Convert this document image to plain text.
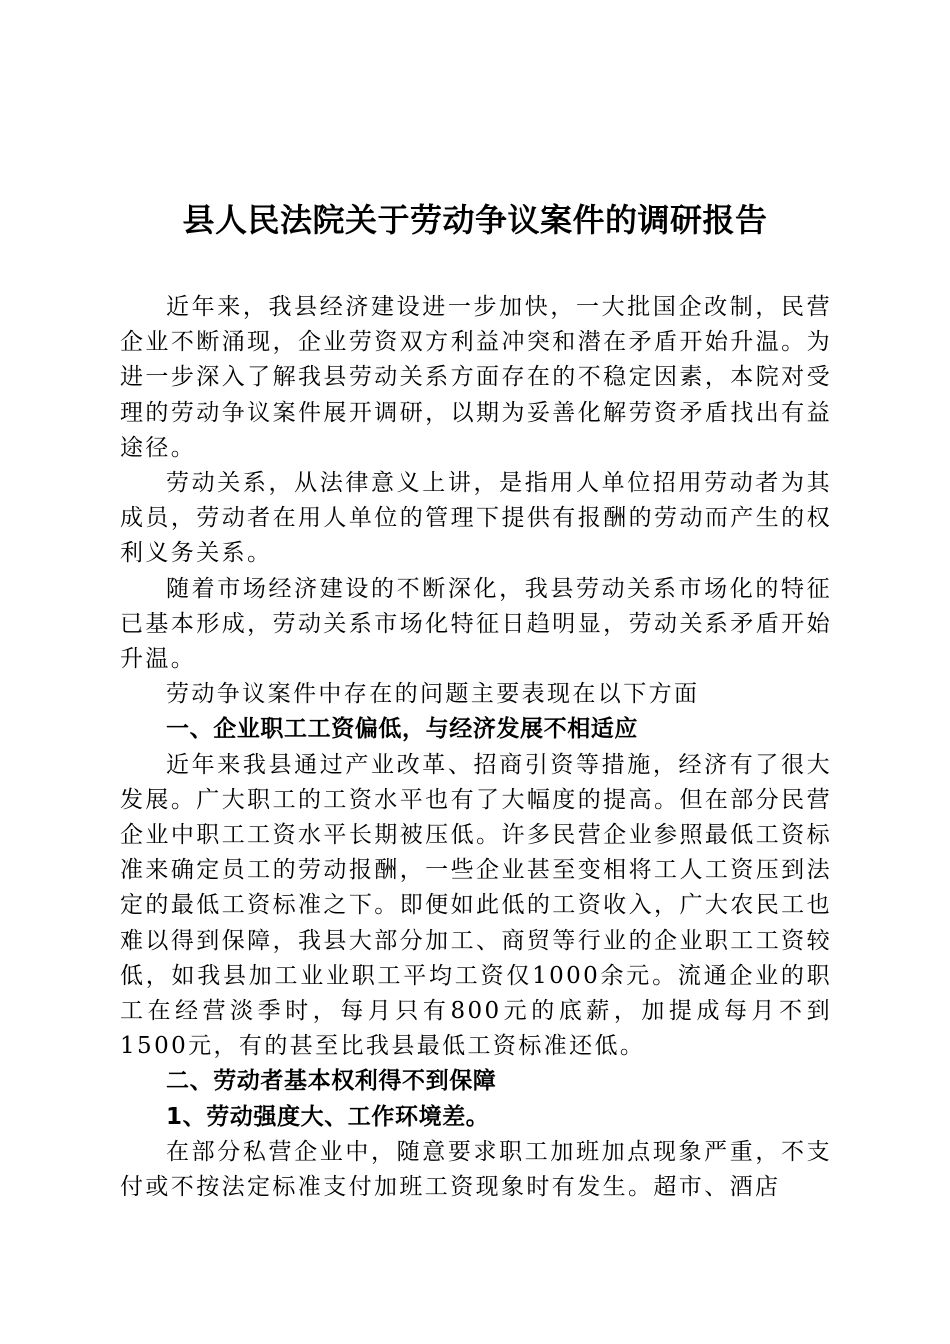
县人民法院关于劳动争议案件的调研报告

近年来，我县经济建设进一步加快，一大批国企改制，民营企业不断涌现，企业劳资双方利益冲突和潜在矛盾开始升温。为进一步深入了解我县劳动关系方面存在的不稳定因素，本院对受理的劳动争议案件展开调研，以期为妥善化解劳资矛盾找出有益途径。

劳动关系，从法律意义上讲，是指用人单位招用劳动者为其成员，劳动者在用人单位的管理下提供有报酬的劳动而产生的权利义务关系。

随着市场经济建设的不断深化，我县劳动关系市场化的特征已基本形成，劳动关系市场化特征日趋明显，劳动关系矛盾开始升温。

劳动争议案件中存在的问题主要表现在以下方面

一、企业职工工资偏低，与经济发展不相适应

近年来我县通过产业改革、招商引资等措施，经济有了很大发展。广大职工的工资水平也有了大幅度的提高。但在部分民营企业中职工工资水平长期被压低。许多民营企业参照最低工资标准来确定员工的劳动报酬，一些企业甚至变相将工人工资压到法定的最低工资标准之下。即便如此低的工资收入，广大农民工也难以得到保障，我县大部分加工、商贸等行业的企业职工工资较低，如我县加工业业职工平均工资仅1000余元。流通企业的职工在经营淡季时，每月只有800元的底薪，加提成每月不到1500元，有的甚至比我县最低工资标准还低。

二、劳动者基本权利得不到保障

1、劳动强度大、工作环境差。

在部分私营企业中，随意要求职工加班加点现象严重，不支付或不按法定标准支付加班工资现象时有发生。超市、酒店
